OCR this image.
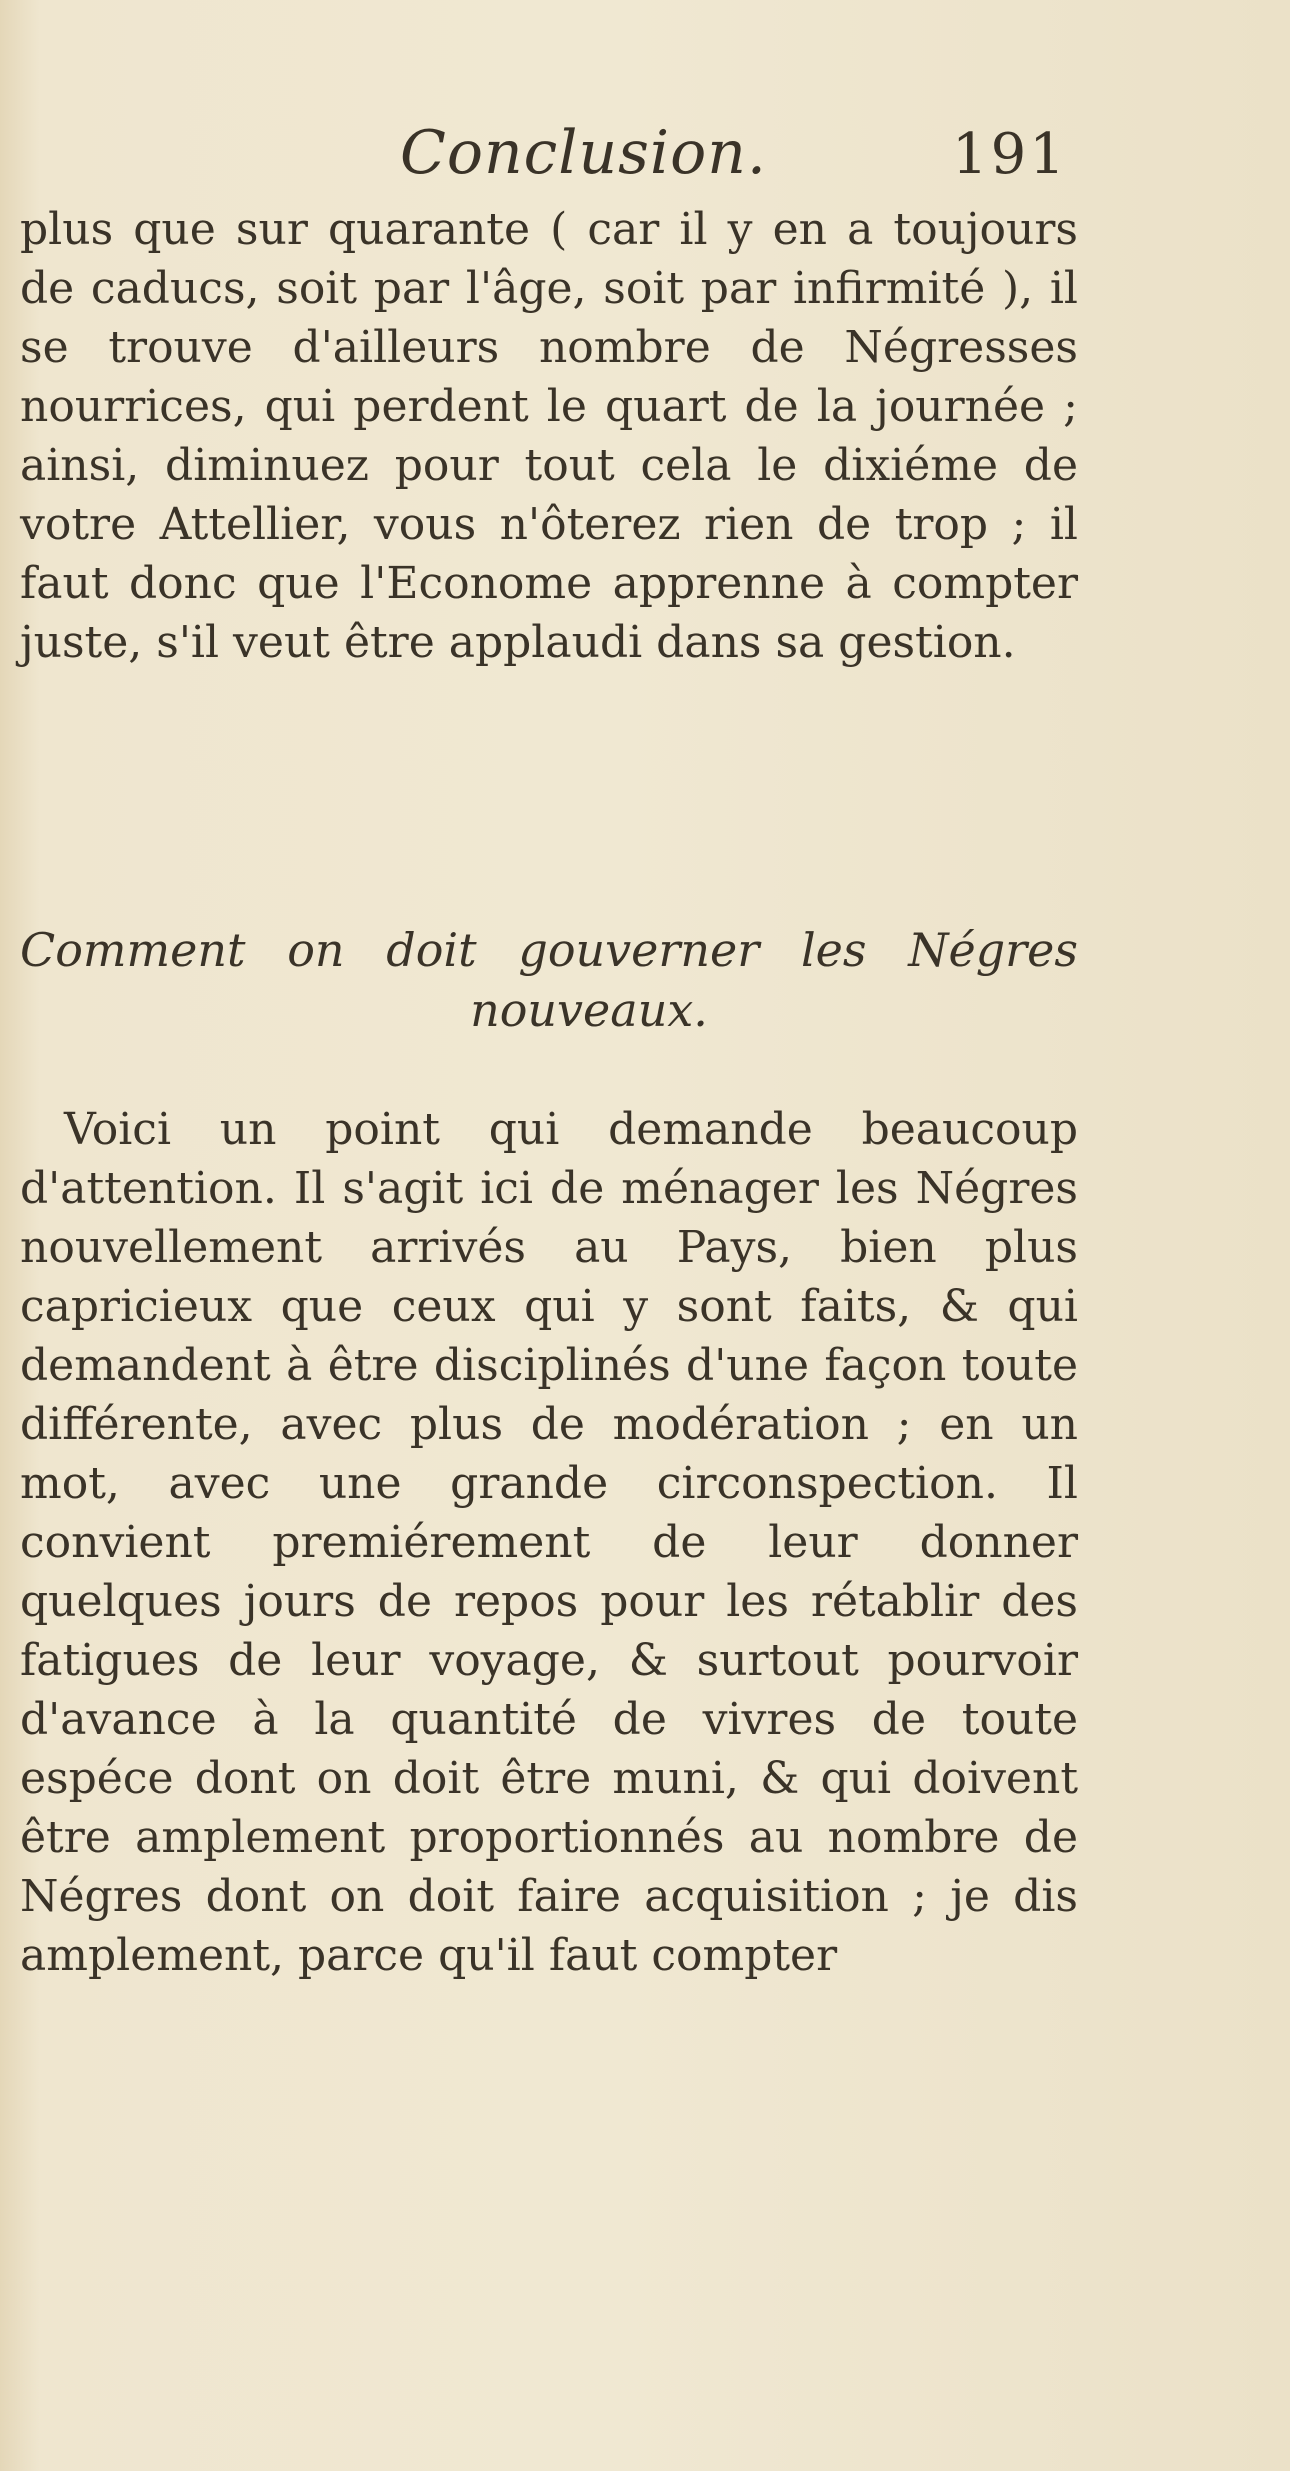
Conclusion.	191

plus que sur quarante ( car il y en a toujours de caducs, soit par l'âge, soit par infirmité ), il se trouve d'ailleurs nombre de Négresses nourrices, qui perdent le quart de la journée ; ainsi, diminuez pour tout cela le dixiéme de votre Attellier, vous n'ôterez rien de trop ; il faut donc que l'Econome apprenne à compter juste, s'il veut être applaudi dans sa gestion.

Comment on doit gouverner les Négres
nouveaux.

Voici un point qui demande beaucoup d'attention. Il s'agit ici de ménager les Négres nouvellement arrivés au Pays, bien plus capricieux que ceux qui y sont faits, & qui demandent à être disciplinés d'une façon toute différente, avec plus de modération ; en un mot, avec une grande circonspection. Il convient premiérement de leur donner quelques jours de repos pour les rétablir des fatigues de leur voyage, & surtout pourvoir d'avance à la quantité de vivres de toute espéce dont on doit être muni, & qui doivent être amplement proportionnés au nombre de Négres dont on doit faire acquisition ; je dis amplement, parce qu'il faut compter
